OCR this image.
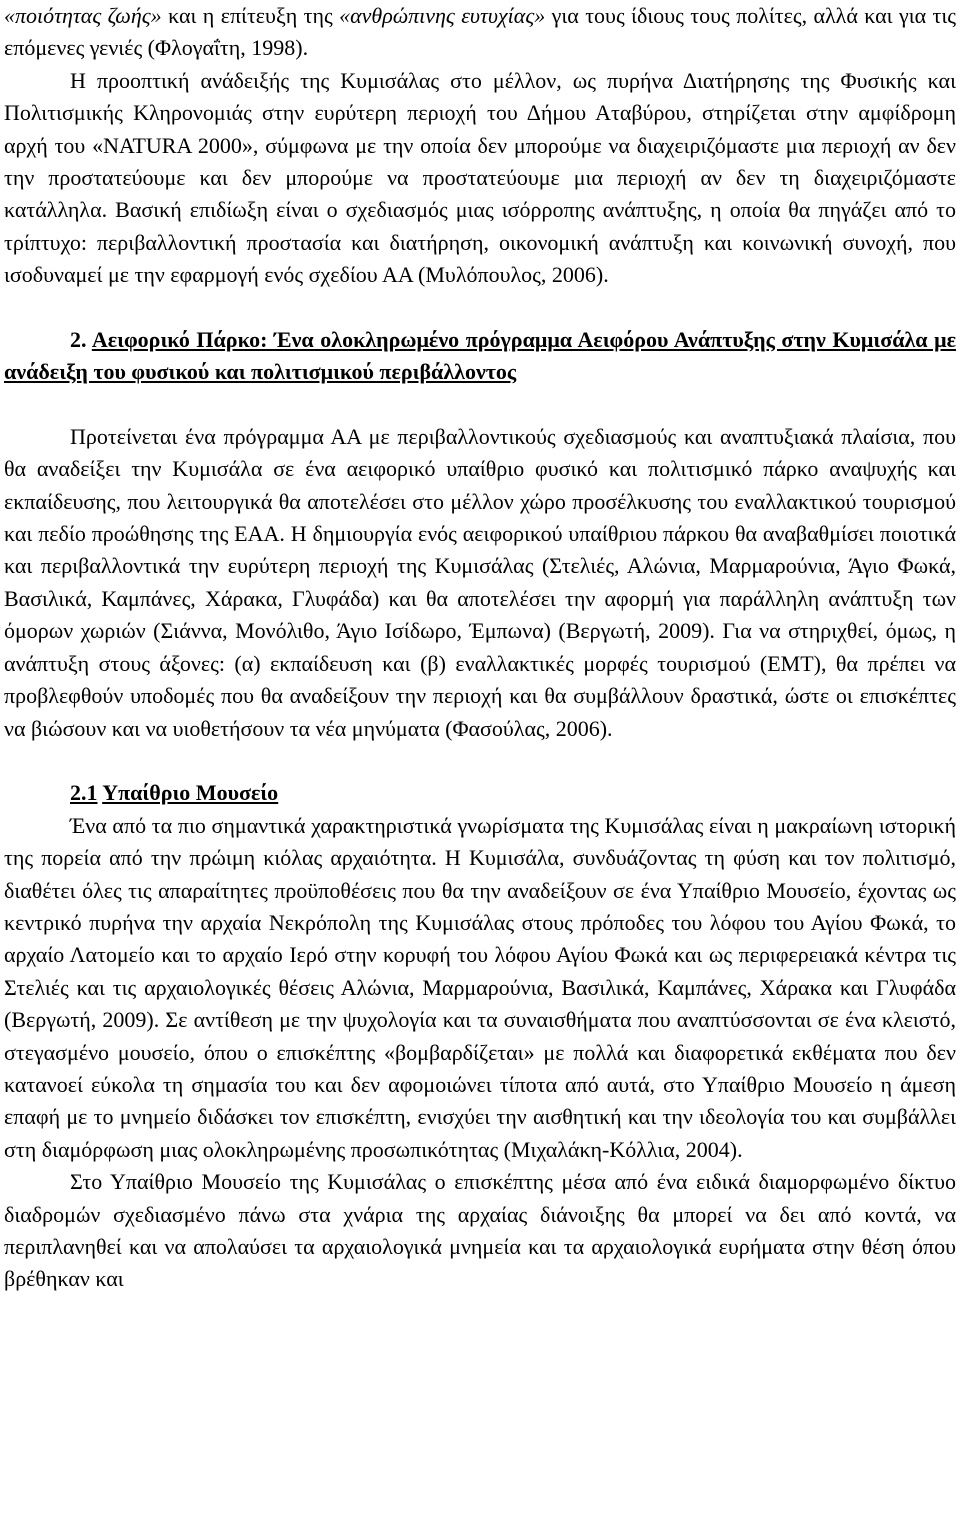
«ποιότητας ζωής» και η επίτευξη της «ανθρώπινης ευτυχίας» για τους ίδιους τους πολίτες, αλλά και για τις επόμενες γενιές (Φλογαΐτη, 1998).

Η προοπτική ανάδειξής της Κυμισάλας στο μέλλον, ως πυρήνα Διατήρησης της Φυσικής και Πολιτισμικής Κληρονομιάς στην ευρύτερη περιοχή του Δήμου Αταβύρου, στηρίζεται στην αμφίδρομη αρχή του «NATURA 2000», σύμφωνα με την οποία δεν μπορούμε να διαχειριζόμαστε μια περιοχή αν δεν την προστατεύουμε και δεν μπορούμε να προστατεύουμε μια περιοχή αν δεν τη διαχειριζόμαστε κατάλληλα. Βασική επιδίωξη είναι ο σχεδιασμός μιας ισόρροπης ανάπτυξης, η οποία θα πηγάζει από το τρίπτυχο: περιβαλλοντική προστασία και διατήρηση, οικονομική ανάπτυξη και κοινωνική συνοχή, που ισοδυναμεί με την εφαρμογή ενός σχεδίου ΑΑ (Μυλόπουλος, 2006).

2. Αειφορικό Πάρκο: Ένα ολοκληρωμένο πρόγραμμα Αειφόρου Ανάπτυξης στην Κυμισάλα με ανάδειξη του φυσικού και πολιτισμικού περιβάλλοντος

Προτείνεται ένα πρόγραμμα ΑΑ με περιβαλλοντικούς σχεδιασμούς και αναπτυξιακά πλαίσια, που θα αναδείξει την Κυμισάλα σε ένα αειφορικό υπαίθριο φυσικό και πολιτισμικό πάρκο αναψυχής και εκπαίδευσης, που λειτουργικά θα αποτελέσει στο μέλλον χώρο προσέλκυσης του εναλλακτικού τουρισμού και πεδίο προώθησης της ΕΑΑ. Η δημιουργία ενός αειφορικού υπαίθριου πάρκου θα αναβαθμίσει ποιοτικά και περιβαλλοντικά την ευρύτερη περιοχή της Κυμισάλας (Στελιές, Αλώνια, Μαρμαρούνια, Άγιο Φωκά, Βασιλικά, Καμπάνες, Χάρακα, Γλυφάδα) και θα αποτελέσει την αφορμή για παράλληλη ανάπτυξη των όμορων χωριών (Σιάννα, Μονόλιθο, Άγιο Ισίδωρο, Έμπωνα) (Βεργωτή, 2009). Για να στηριχθεί, όμως, η ανάπτυξη στους άξονες: (α) εκπαίδευση και (β) εναλλακτικές μορφές τουρισμού (ΕΜΤ), θα πρέπει να προβλεφθούν υποδομές που θα αναδείξουν την περιοχή και θα συμβάλλουν δραστικά, ώστε οι επισκέπτες να βιώσουν και να υιοθετήσουν τα νέα μηνύματα (Φασούλας, 2006).

2.1 Υπαίθριο Μουσείο

Ένα από τα πιο σημαντικά χαρακτηριστικά γνωρίσματα της Κυμισάλας είναι η μακραίωνη ιστορική της πορεία από την πρώιμη κιόλας αρχαιότητα. Η Κυμισάλα, συνδυάζοντας τη φύση και τον πολιτισμό, διαθέτει όλες τις απαραίτητες προϋποθέσεις που θα την αναδείξουν σε ένα Υπαίθριο Μουσείο, έχοντας ως κεντρικό πυρήνα την αρχαία Νεκρόπολη της Κυμισάλας στους πρόποδες του λόφου του Αγίου Φωκά, το αρχαίο Λατομείο και το αρχαίο Ιερό στην κορυφή του λόφου Αγίου Φωκά και ως περιφερειακά κέντρα τις Στελιές και τις αρχαιολογικές θέσεις Αλώνια, Μαρμαρούνια, Βασιλικά, Καμπάνες, Χάρακα και Γλυφάδα (Βεργωτή, 2009). Σε αντίθεση με την ψυχολογία και τα συναισθήματα που αναπτύσσονται σε ένα κλειστό, στεγασμένο μουσείο, όπου ο επισκέπτης «βομβαρδίζεται» με πολλά και διαφορετικά εκθέματα που δεν κατανοεί εύκολα τη σημασία του και δεν αφομοιώνει τίποτα από αυτά, στο Υπαίθριο Μουσείο η άμεση επαφή με το μνημείο διδάσκει τον επισκέπτη, ενισχύει την αισθητική και την ιδεολογία του και συμβάλλει στη διαμόρφωση μιας ολοκληρωμένης προσωπικότητας (Μιχαλάκη-Κόλλια, 2004).

Στο Υπαίθριο Μουσείο της Κυμισάλας ο επισκέπτης μέσα από ένα ειδικά διαμορφωμένο δίκτυο διαδρομών σχεδιασμένο πάνω στα χνάρια της αρχαίας διάνοιξης θα μπορεί να δει από κοντά, να περιπλανηθεί και να απολαύσει τα αρχαιολογικά μνημεία και τα αρχαιολογικά ευρήματα στην θέση όπου βρέθηκαν και
